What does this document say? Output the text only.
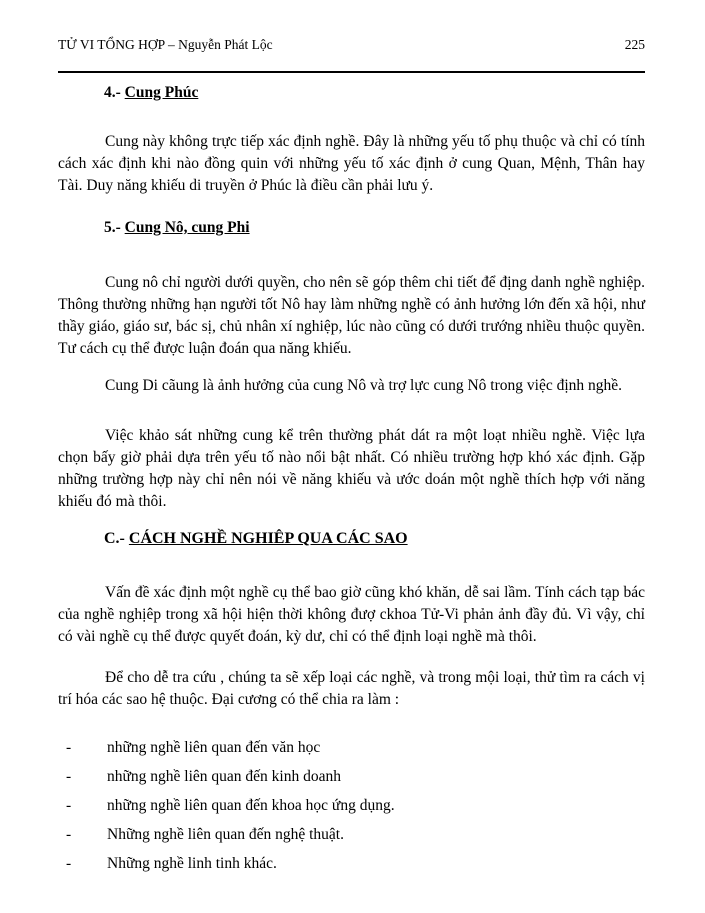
TỬ VI TỔNG HỢP – Nguyễn Phát Lộc	225
4.- Cung Phúc

Cung này không trực tiếp xác định nghề. Đây là những yếu tố phụ thuộc và chỉ có tính cách xác định khi nào đồng quin với những yếu tố xác định ở cung Quan, Mệnh, Thân hay Tài. Duy năng khiếu di truyền ở Phúc là điều cần phải lưu ý.

5.- Cung Nô, cung Phi

Cung nô chỉ người dưới quyền, cho nên sẽ góp thêm chi tiết để địng danh nghề nghiệp. Thông thường những hạn người tốt Nô hay làm những nghề có ảnh hưởng lớn đến xã hội, như thầy giáo, giáo sư, bác sị, chủ nhân xí nghiệp, lúc nào cũng có dưới trướng nhiều thuộc quyền. Tư cách cụ thể được luận đoán qua năng khiếu.

Cung Di cãung là ảnh hưởng của cung Nô và trợ lực cung Nô trong việc định nghề.

Việc khảo sát những cung kể trên thường phát dát ra một loạt nhiều nghề. Việc lựa chọn bấy giờ phải dựa trên yếu tố nào nổi bật nhất. Có nhiều trường hợp khó xác định. Gặp những trường hợp này chỉ nên nói về năng khiếu và ước doán một nghề thích hợp với năng khiếu đó mà thôi.

C.- CÁCH NGHỀ NGHIÊP QUA CÁC SAO

Vấn đề xác định một nghề cụ thể bao giờ cũng khó khăn, dễ sai lầm. Tính cách tạp bác của nghề nghịêp trong xã hội hiện thời không đượ ckhoa Tử-Vi phản ảnh đầy đủ. Vì vậy, chỉ có vài nghề cụ thể được quyết đoán, kỳ dư, chỉ có thể định loại nghề mà thôi.

Để cho dễ tra cứu , chúng ta sẽ xếp loại các nghề, và trong mội loại, thử tìm ra cách vị trí hóa các sao hệ thuộc. Đại cương có thể chia ra làm :

-	những nghề liên quan đến văn học
-	những nghề liên quan đến kinh doanh
-	những nghề liên quan đến khoa học ứng dụng.
-	Những nghề liên quan đến nghệ thuật.
-	Những nghề linh tinh khác.
